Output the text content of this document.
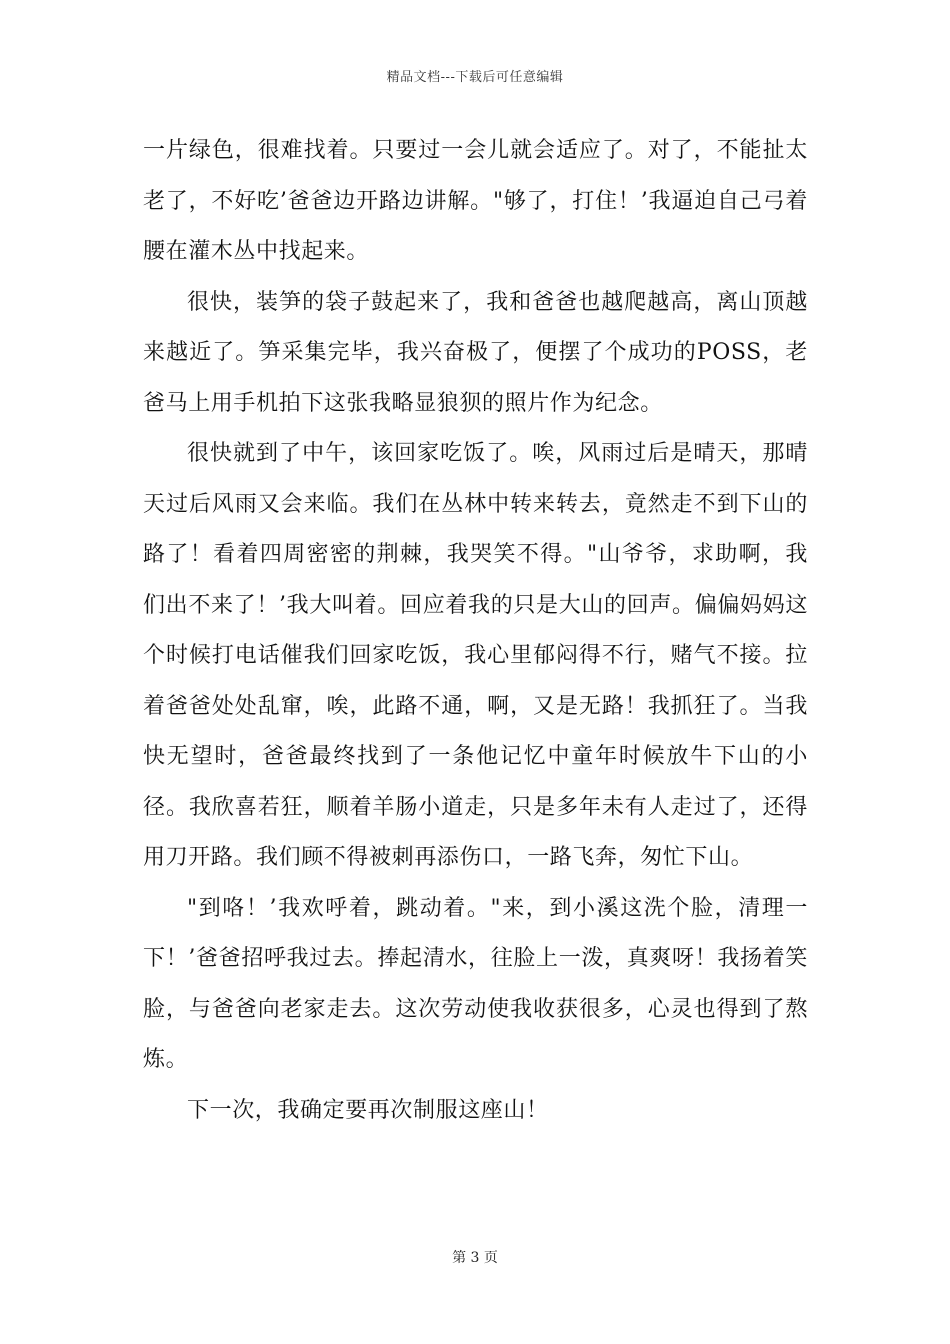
精品文档---下载后可任意编辑

一片绿色，很难找着。只要过一会儿就会适应了。对了，不能扯太老了，不好吃’爸爸边开路边讲解。"够了，打住！’我逼迫自己弓着腰在灌木丛中找起来。

很快，装笋的袋子鼓起来了，我和爸爸也越爬越高，离山顶越来越近了。笋采集完毕，我兴奋极了，便摆了个成功的POSS，老爸马上用手机拍下这张我略显狼狈的照片作为纪念。

很快就到了中午，该回家吃饭了。唉，风雨过后是晴天，那晴天过后风雨又会来临。我们在丛林中转来转去，竟然走不到下山的路了！看着四周密密的荆棘，我哭笑不得。"山爷爷，求助啊，我们出不来了！’我大叫着。回应着我的只是大山的回声。偏偏妈妈这个时候打电话催我们回家吃饭，我心里郁闷得不行，赌气不接。拉着爸爸处处乱窜，唉，此路不通，啊，又是无路！我抓狂了。当我快无望时，爸爸最终找到了一条他记忆中童年时候放牛下山的小径。我欣喜若狂，顺着羊肠小道走，只是多年未有人走过了，还得用刀开路。我们顾不得被刺再添伤口，一路飞奔，匆忙下山。

"到咯！’我欢呼着，跳动着。"来，到小溪这洗个脸，清理一下！’爸爸招呼我过去。捧起清水，往脸上一泼，真爽呀！我扬着笑脸，与爸爸向老家走去。这次劳动使我收获很多，心灵也得到了熬炼。

下一次，我确定要再次制服这座山！

第 3 页
